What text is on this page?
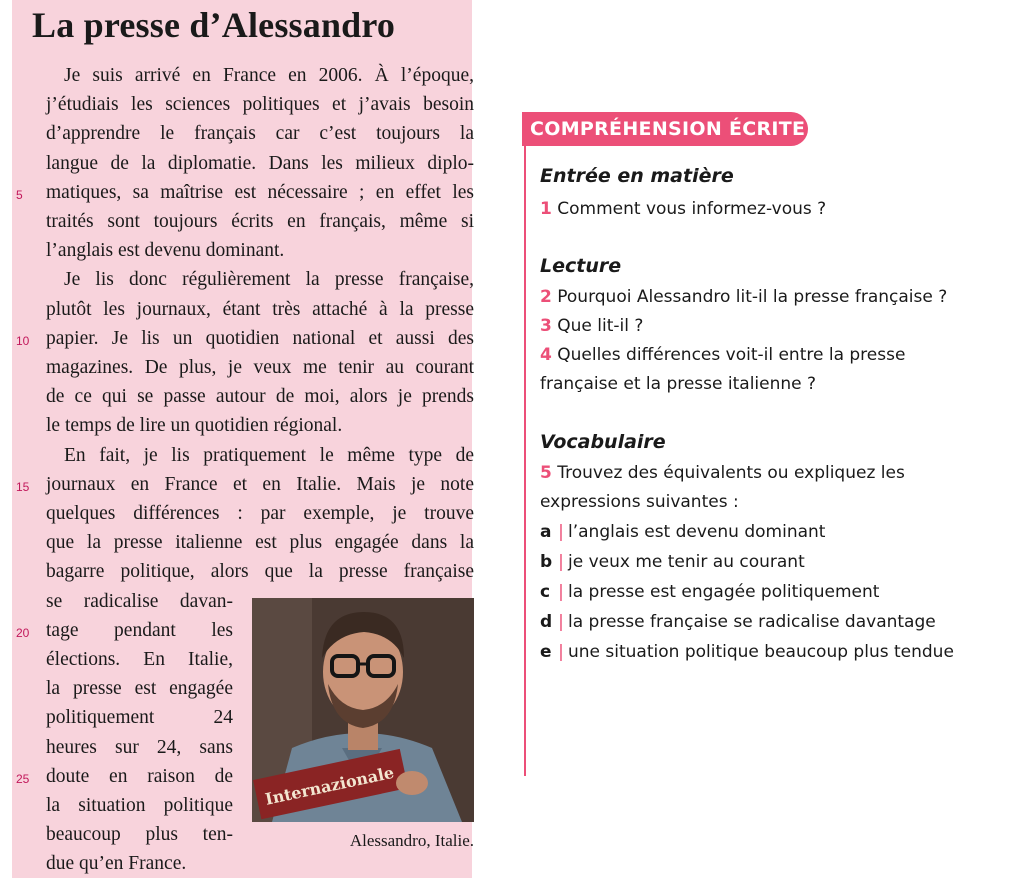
La presse d’Alessandro
Je suis arrivé en France en 2006. À l’époque,
j’étudiais les sciences politiques et j’avais besoin
d’apprendre le français car c’est toujours la
langue de la diplomatie. Dans les milieux diplo-
matiques, sa maîtrise est nécessaire ; en effet les
5
traités sont toujours écrits en français, même si
l’anglais est devenu dominant.
Je lis donc régulièrement la presse française,
plutôt les journaux, étant très attaché à la presse
papier. Je lis un quotidien national et aussi des
10
magazines. De plus, je veux me tenir au courant
de ce qui se passe autour de moi, alors je prends
le temps de lire un quotidien régional.
En fait, je lis pratiquement le même type de
journaux en France et en Italie. Mais je note
15
quelques différences : par exemple, je trouve
que la presse italienne est plus engagée dans la
bagarre politique, alors que la presse française
se radicalise davan-
tage pendant les
20
élections. En Italie,
la presse est engagée
politiquement 24
heures sur 24, sans
doute en raison de
25
la situation politique
beaucoup plus ten-
due qu’en France.
Internazionale
Alessandro, Italie.
COMPRÉHENSION ÉCRITE
Entrée en matière
1 Comment vous informez-vous ?
Lecture
2 Pourquoi Alessandro lit-il la presse française ?
3 Que lit-il ?
4 Quelles différences voit-il entre la presse
française et la presse italienne ?
Vocabulaire
5 Trouvez des équivalents ou expliquez les
expressions suivantes :
a | l’anglais est devenu dominant
b | je veux me tenir au courant
c | la presse est engagée politiquement
d | la presse française se radicalise davantage
e | une situation politique beaucoup plus tendue
